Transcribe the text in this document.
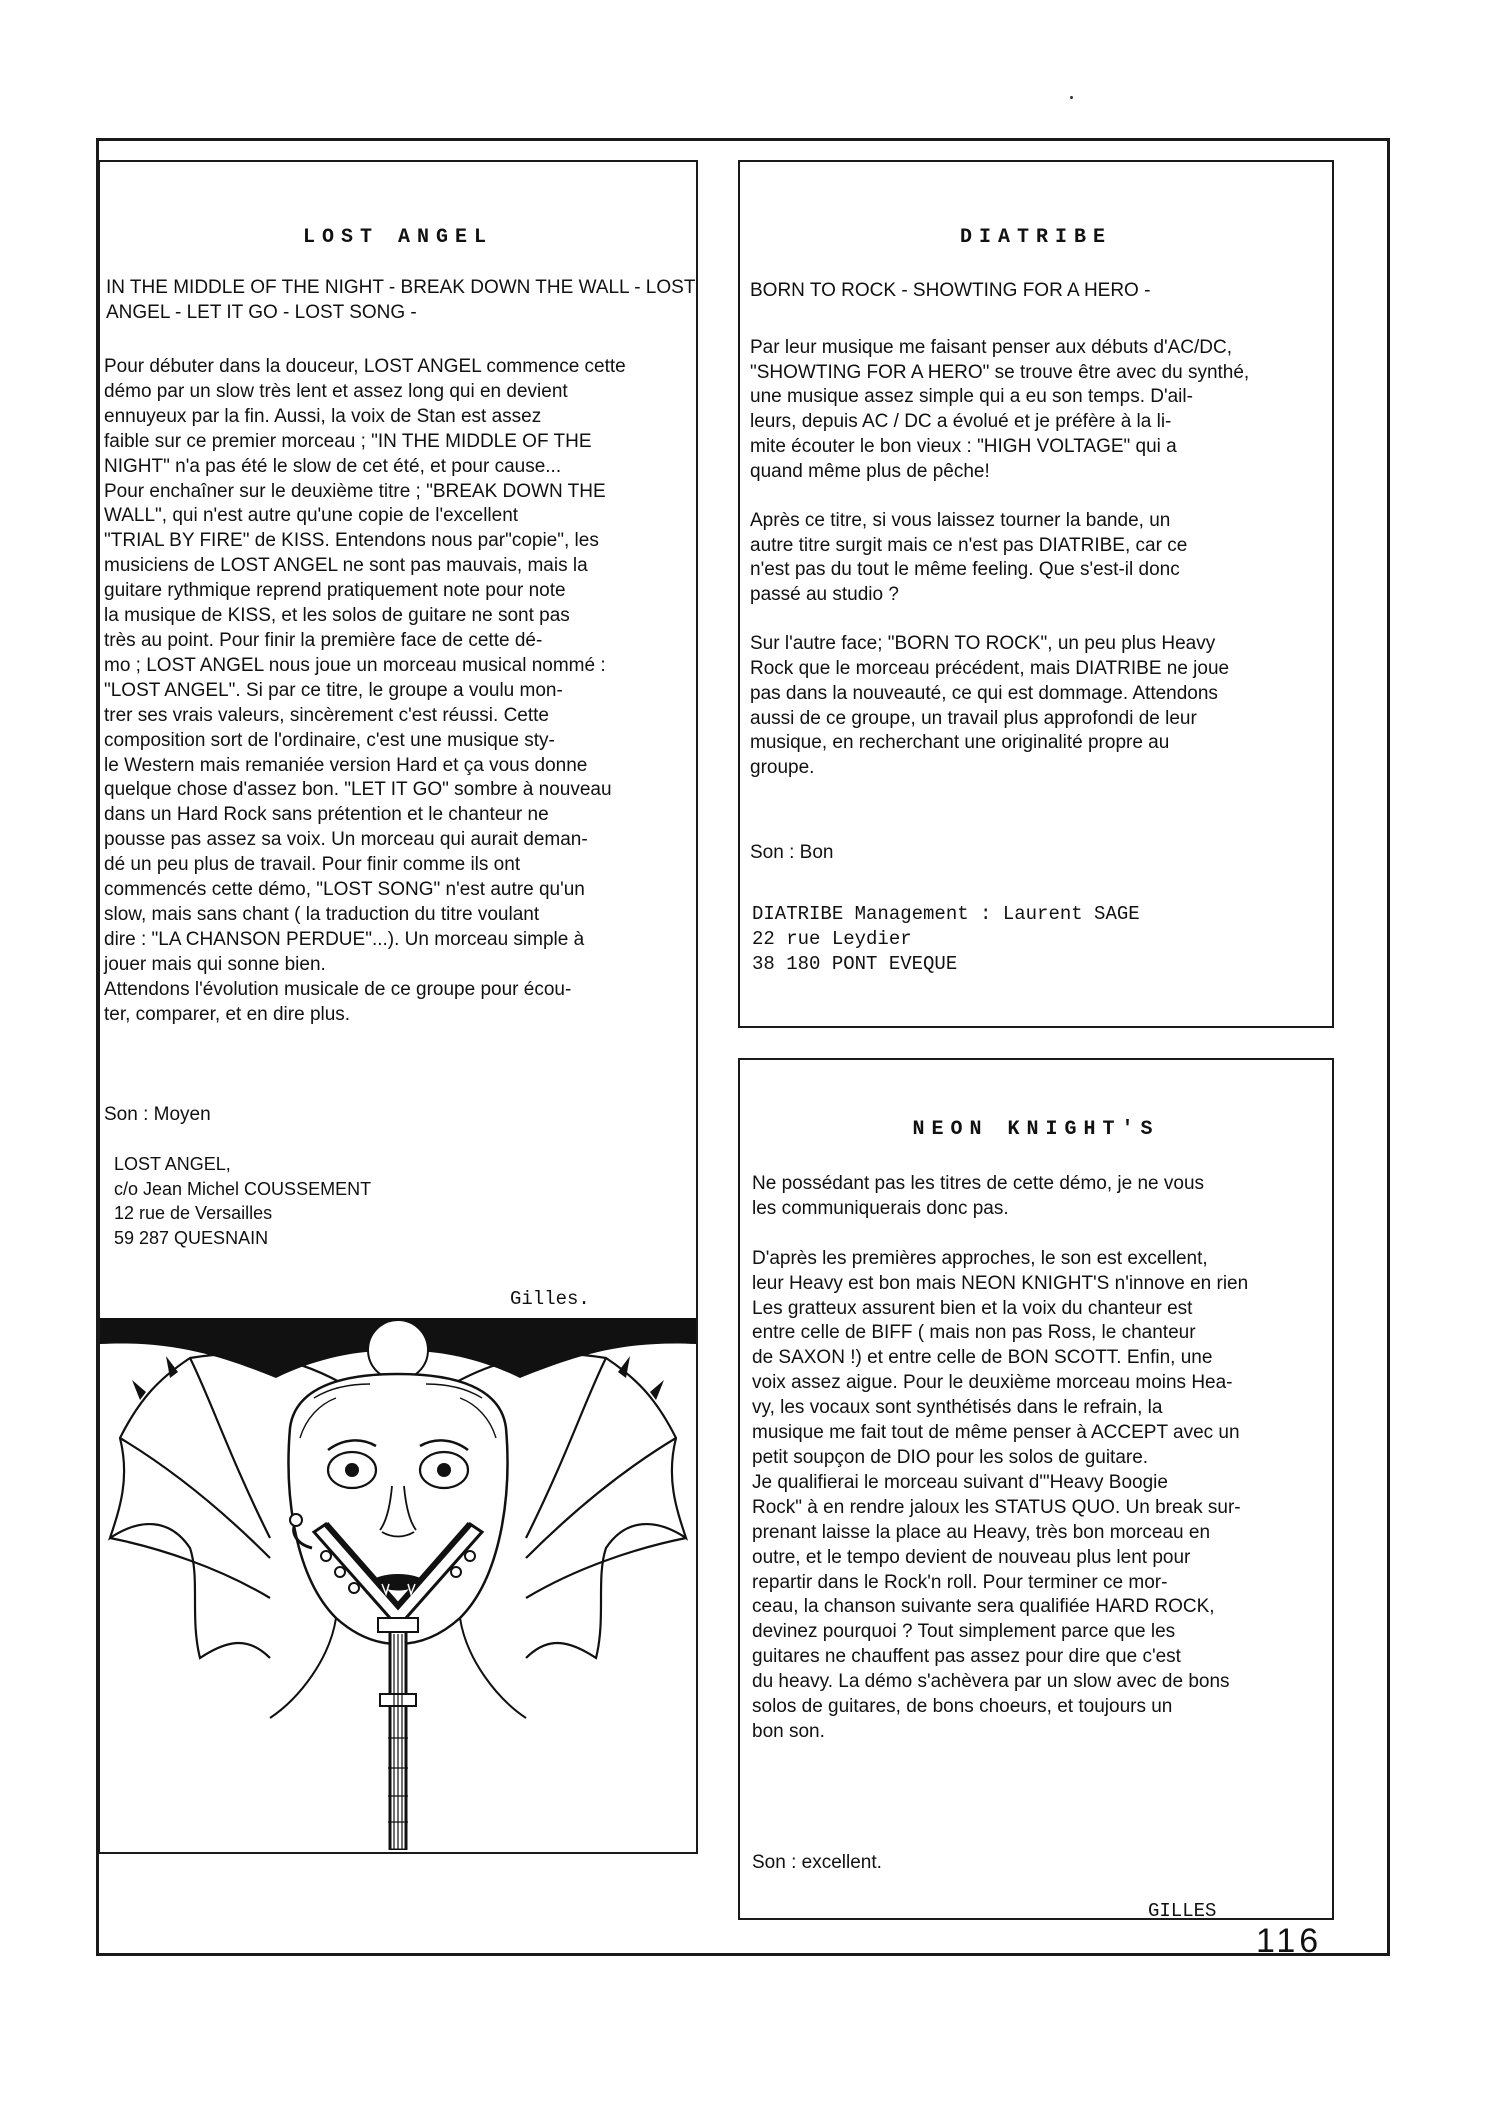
LOST ANGEL
IN THE MIDDLE OF THE NIGHT - BREAK DOWN THE WALL - LOST
ANGEL - LET IT GO - LOST SONG -
Pour débuter dans la douceur, LOST ANGEL commence cette
démo par un slow très lent et assez long qui en devient
ennuyeux par la fin. Aussi, la voix de Stan est assez
faible sur ce premier morceau ; "IN THE MIDDLE OF THE
NIGHT" n'a pas été le slow de cet été, et pour cause...
Pour enchaîner sur le deuxième titre ; "BREAK DOWN THE
WALL", qui n'est autre qu'une copie de l'excellent
"TRIAL BY FIRE" de KISS. Entendons nous par"copie", les
musiciens de LOST ANGEL ne sont pas mauvais, mais la
guitare rythmique reprend pratiquement note pour note
la musique de KISS, et les solos de guitare ne sont pas
très au point. Pour finir la première face de cette dé-
mo ; LOST ANGEL nous joue un morceau musical nommé :
"LOST ANGEL". Si par ce titre, le groupe a voulu mon-
trer ses vrais valeurs, sincèrement c'est réussi. Cette
composition sort de l'ordinaire, c'est une musique sty-
le Western mais remaniée version Hard et ça vous donne
quelque chose d'assez bon. "LET IT GO" sombre à nouveau
dans un Hard Rock sans prétention et le chanteur ne
pousse pas assez sa voix. Un morceau qui aurait deman-
dé un peu plus de travail. Pour finir comme ils ont
commencés cette démo, "LOST SONG" n'est autre qu'un
slow, mais sans chant ( la traduction du titre voulant
dire : "LA CHANSON PERDUE"...). Un morceau simple à
jouer mais qui sonne bien.
Attendons l'évolution musicale de ce groupe pour écou-
ter, comparer, et en dire plus.
Son : Moyen
LOST ANGEL,
c/o Jean Michel COUSSEMENT
12 rue de Versailles
59 287 QUESNAIN
Gilles.
DIATRIBE
BORN TO ROCK - SHOWTING FOR A HERO -
Par leur musique me faisant penser aux débuts d'AC/DC,
"SHOWTING FOR A HERO" se trouve être avec du synthé,
une musique assez simple qui a eu son temps. D'ail-
leurs, depuis AC / DC a évolué et je préfère à la li-
mite écouter le bon vieux : "HIGH VOLTAGE" qui a
quand même plus de pêche!

Après ce titre, si vous laissez tourner la bande, un
autre titre surgit mais ce n'est pas DIATRIBE, car ce
n'est pas du tout le même feeling. Que s'est-il donc
passé au studio ?

Sur l'autre face; "BORN TO ROCK", un peu plus Heavy
Rock que le morceau précédent, mais DIATRIBE ne joue
pas dans la nouveauté, ce qui est dommage. Attendons
aussi de ce groupe, un travail plus approfondi de leur
musique, en recherchant une originalité propre au
groupe.
Son : Bon
DIATRIBE Management : Laurent SAGE
22 rue Leydier
38 180 PONT EVEQUE
NEON KNIGHT'S
Ne possédant pas les titres de cette démo, je ne vous
les communiquerais donc pas.

D'après les premières approches, le son est excellent,
leur Heavy est bon mais NEON KNIGHT'S n'innove en rien
Les gratteux assurent bien et la voix du chanteur est
entre celle de BIFF ( mais non pas Ross, le chanteur
de SAXON !) et entre celle de BON SCOTT. Enfin, une
voix assez aigue. Pour le deuxième morceau moins Hea-
vy, les vocaux sont synthétisés dans le refrain, la
musique me fait tout de même penser à ACCEPT avec un
petit soupçon de DIO pour les solos de guitare.
Je qualifierai le morceau suivant d'"Heavy Boogie
Rock" à en rendre jaloux les STATUS QUO. Un break sur-
prenant laisse la place au Heavy, très bon morceau en
outre, et le tempo devient de nouveau plus lent pour
repartir dans le Rock'n roll. Pour terminer ce mor-
ceau, la chanson suivante sera qualifiée HARD ROCK,
devinez pourquoi ? Tout simplement parce que les
guitares ne chauffent pas assez pour dire que c'est
du heavy. La démo s'achèvera par un slow avec de bons
solos de guitares, de bons choeurs, et toujours un
bon son.
Son : excellent.
GILLES
116
